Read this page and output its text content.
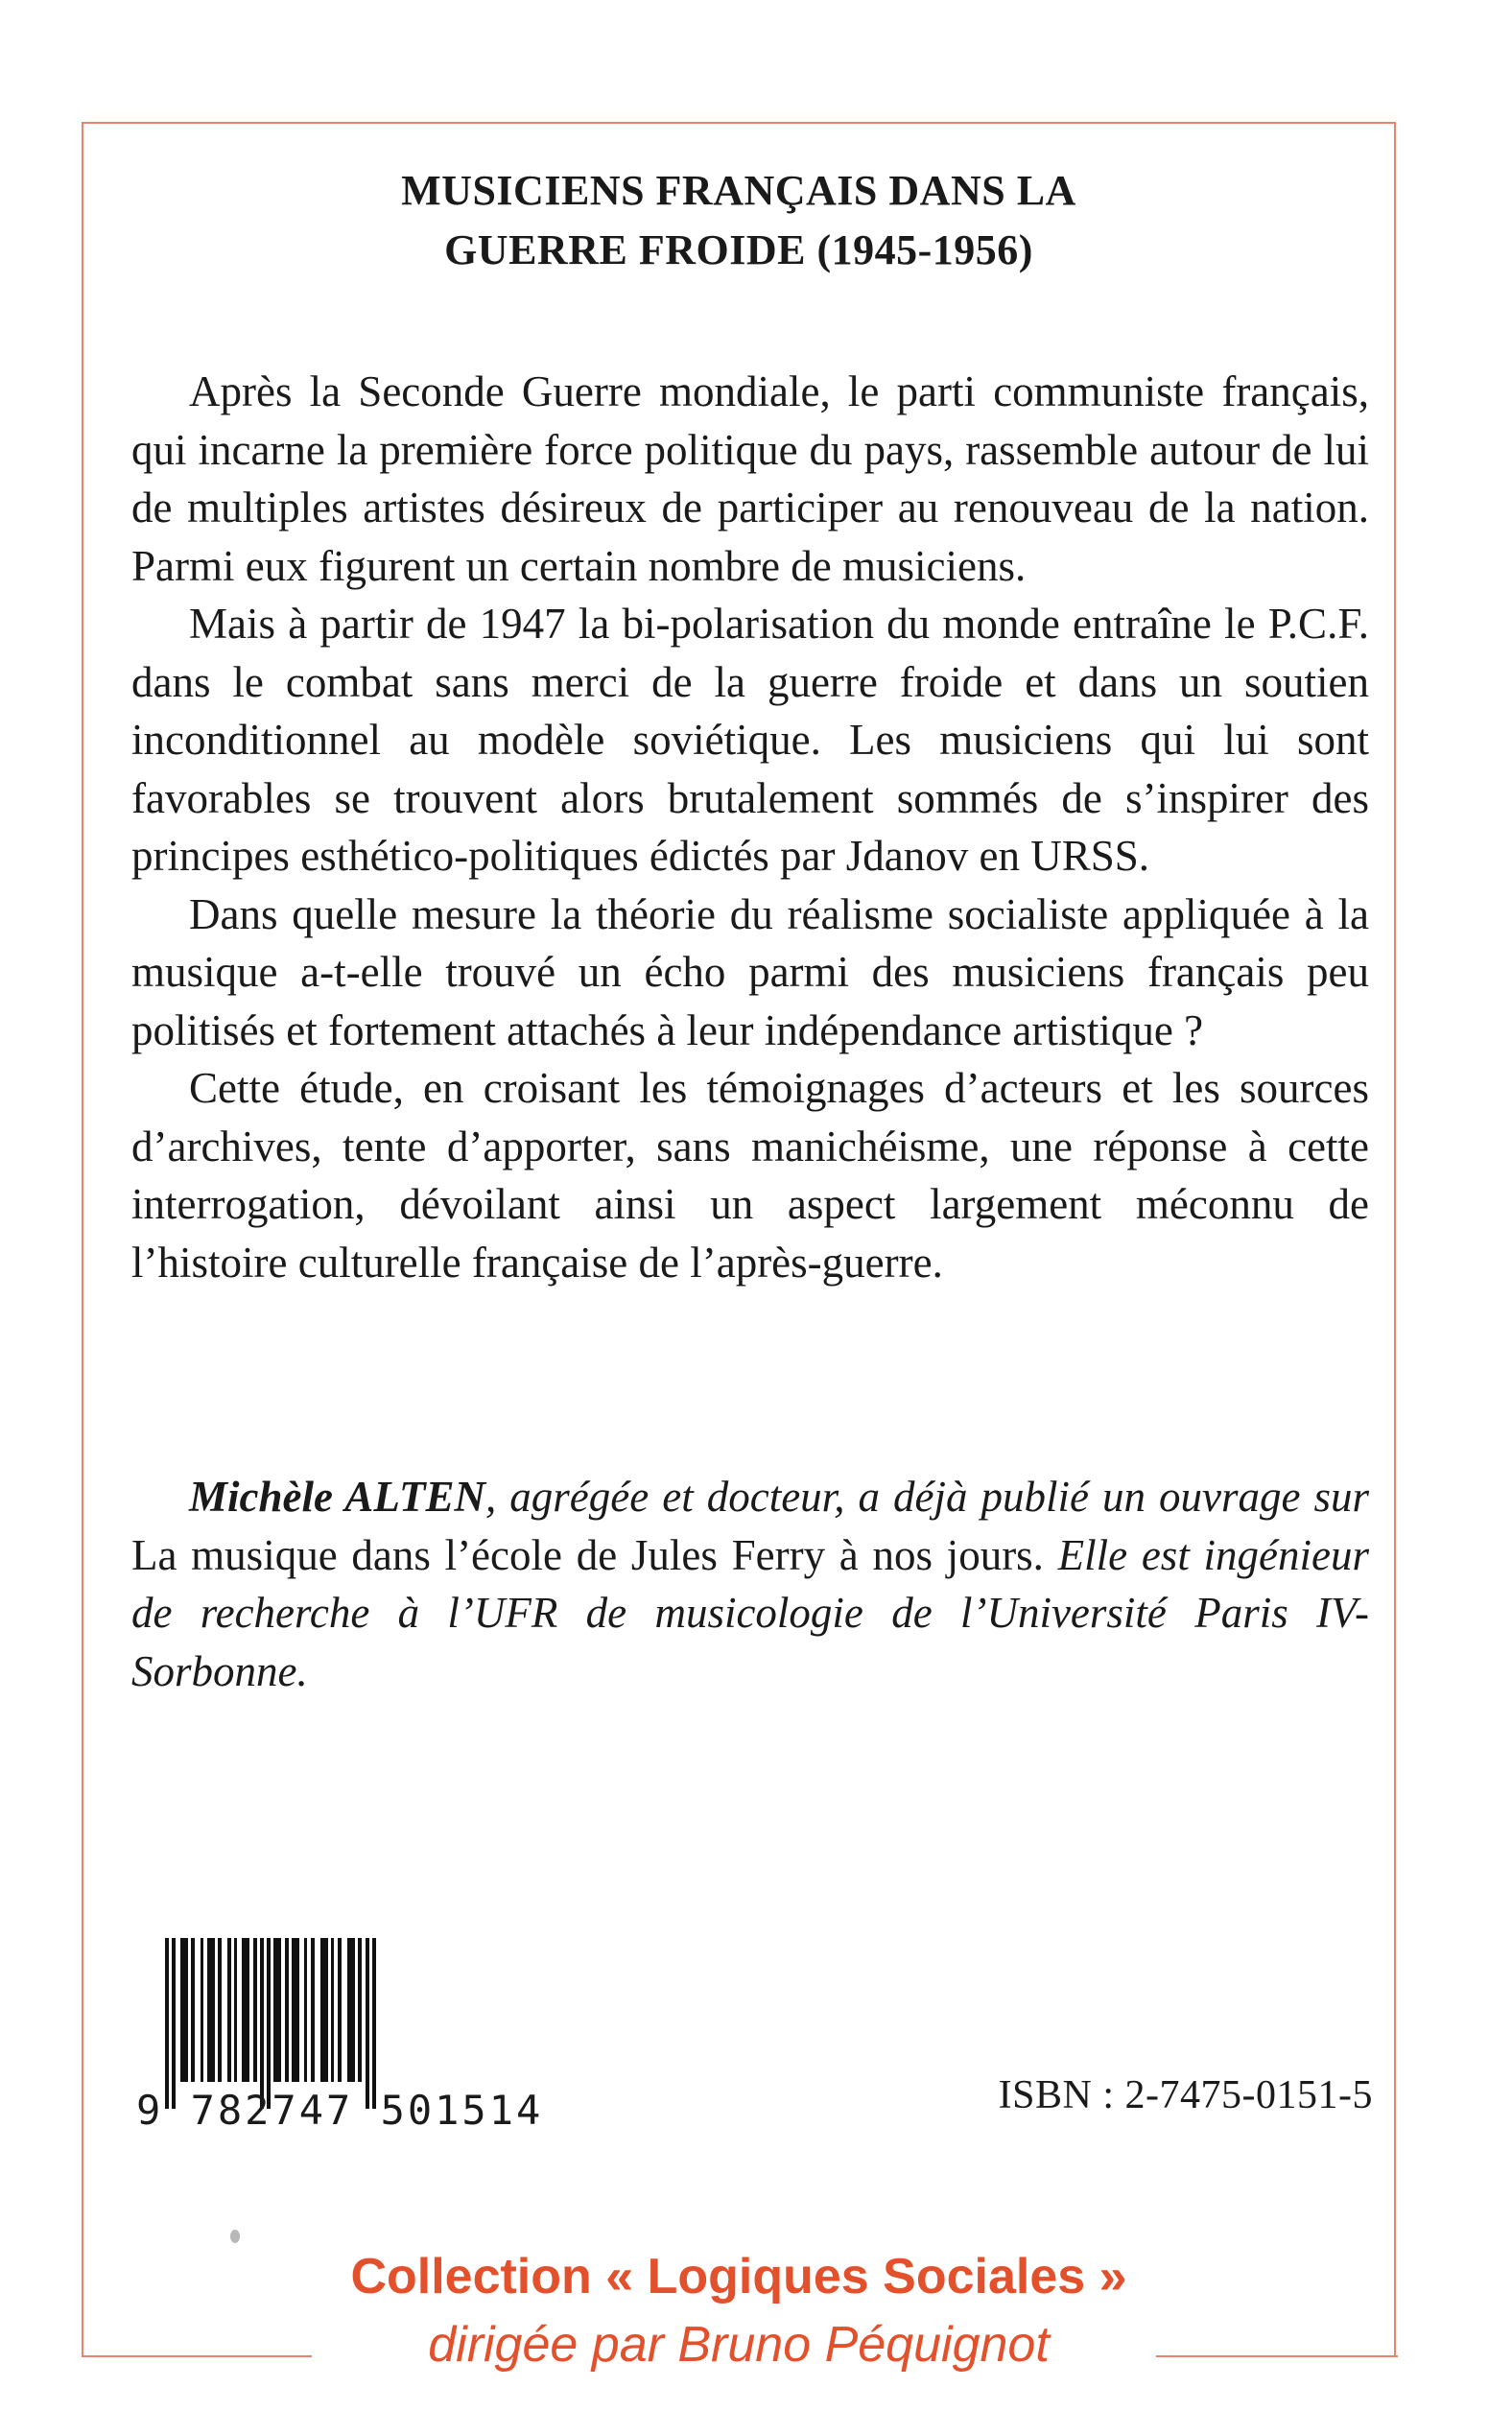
MUSICIENS FRANÇAIS DANS LA
GUERRE FROIDE (1945-1956)

Après la Seconde Guerre mondiale, le parti communiste français, qui incarne la première force politique du pays, rassemble autour de lui de multiples artistes désireux de participer au renouveau de la nation. Parmi eux figurent un certain nombre de musiciens.

Mais à partir de 1947 la bi-polarisation du monde entraîne le P.C.F. dans le combat sans merci de la guerre froide et dans un soutien inconditionnel au modèle soviétique. Les musiciens qui lui sont favorables se trouvent alors brutalement sommés de s’inspirer des principes esthético-politiques édictés par Jdanov en URSS.

Dans quelle mesure la théorie du réalisme socialiste appliquée à la musique a-t-elle trouvé un écho parmi des musiciens français peu politisés et fortement attachés à leur indépendance artistique ?

Cette étude, en croisant les témoignages d’acteurs et les sources d’archives, tente d’apporter, sans manichéisme, une réponse à cette interrogation, dévoilant ainsi un aspect largement méconnu de l’histoire culturelle française de l’après-guerre.

Michèle ALTEN, agrégée et docteur, a déjà publié un ouvrage sur La musique dans l’école de Jules Ferry à nos jours. Elle est ingénieur de recherche à l’UFR de musicologie de l’Université Paris IV-Sorbonne.

9 782747 501514	ISBN : 2-7475-0151-5
Collection « Logiques Sociales »
dirigée par Bruno Péquignot
